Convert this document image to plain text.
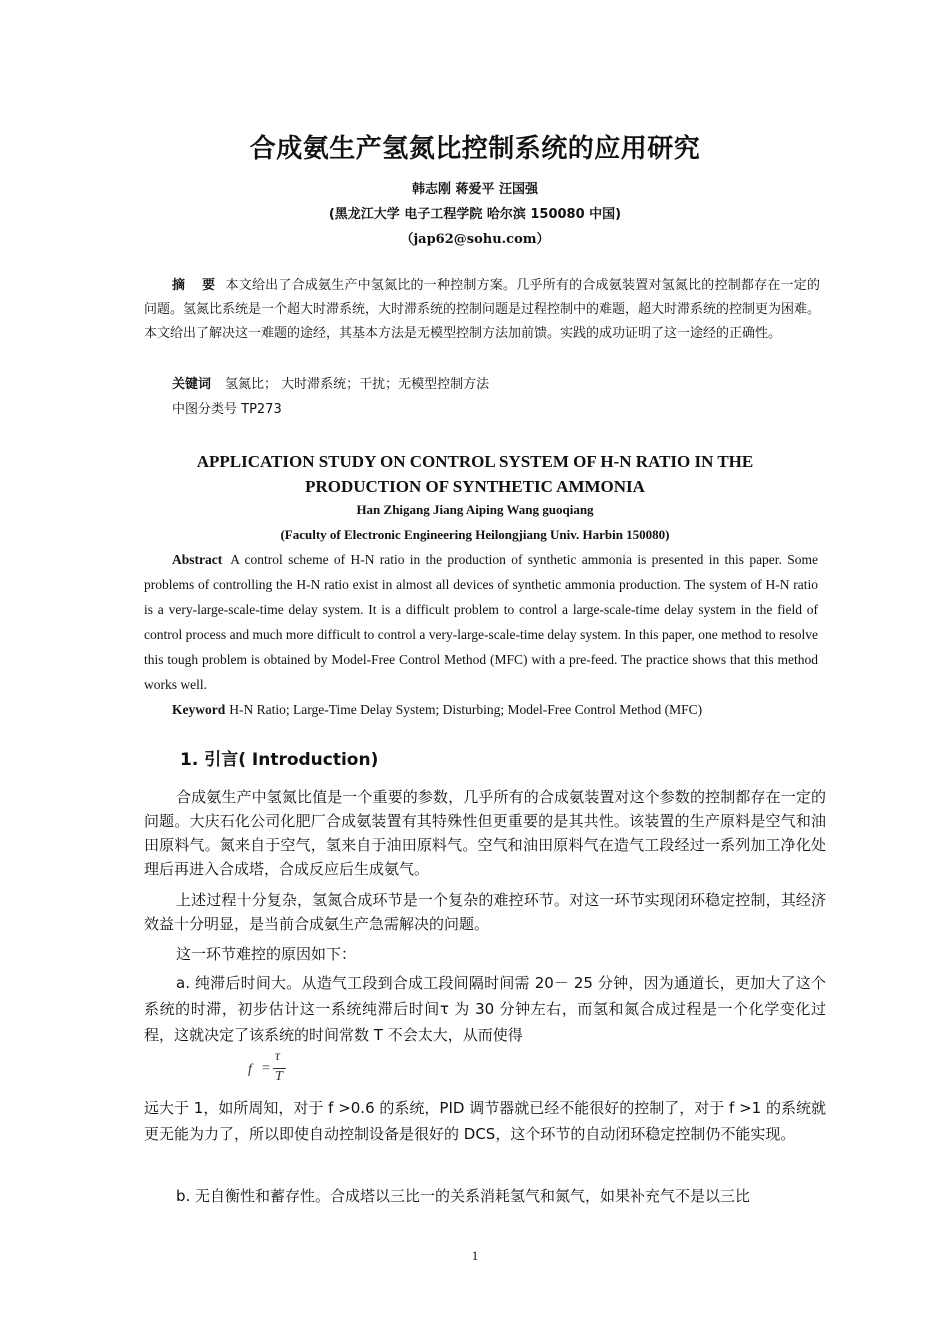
合成氨生产氢氮比控制系统的应用研究
韩志刚 蒋爱平 汪国强
(黑龙江大学 电子工程学院 哈尔滨 150080 中国)
（jap62@sohu.com）
摘 要 本文给出了合成氨生产中氢氮比的一种控制方案。几乎所有的合成氨装置对氢氮比的控制都存在一定的问题。氢氮比系统是一个超大时滞系统，大时滞系统的控制问题是过程控制中的难题，超大时滞系统的控制更为困难。本文给出了解决这一难题的途经，其基本方法是无模型控制方法加前馈。实践的成功证明了这一途经的正确性。
关键词 氢氮比； 大时滞系统；干扰；无模型控制方法
中图分类号 TP273
APPLICATION STUDY ON CONTROL SYSTEM OF H-N RATIO IN THE PRODUCTION OF SYNTHETIC AMMONIA
Han Zhigang Jiang Aiping Wang guoqiang
(Faculty of Electronic Engineering Heilongjiang Univ. Harbin 150080)
Abstract A control scheme of H-N ratio in the production of synthetic ammonia is presented in this paper. Some problems of controlling the H-N ratio exist in almost all devices of synthetic ammonia production. The system of H-N ratio is a very-large-scale-time delay system. It is a difficult problem to control a large-scale-time delay system in the field of control process and much more difficult to control a very-large-scale-time delay system. In this paper, one method to resolve this tough problem is obtained by Model-Free Control Method (MFC) with a pre-feed. The practice shows that this method works well.
Keyword H-N Ratio; Large-Time Delay System; Disturbing; Model-Free Control Method (MFC)
1. 引言( Introduction)

合成氨生产中氢氮比值是一个重要的参数，几乎所有的合成氨装置对这个参数的控制都存在一定的问题。大庆石化公司化肥厂合成氨装置有其特殊性但更重要的是其共性。该装置的生产原料是空气和油田原料气。氮来自于空气，氢来自于油田原料气。空气和油田原料气在造气工段经过一系列加工净化处理后再进入合成塔，合成反应后生成氨气。

上述过程十分复杂，氢氮合成环节是一个复杂的难控环节。对这一环节实现闭环稳定控制，其经济效益十分明显，是当前合成氨生产急需解决的问题。

这一环节难控的原因如下：

a. 纯滞后时间大。从造气工段到合成工段间隔时间需 20－ 25 分钟，因为通道长，更加大了这个系统的时滞，初步估计这一系统纯滞后时间τ 为 30 分钟左右，而氢和氮合成过程是一个化学变化过程，这就决定了该系统的时间常数 T 不会太大，从而使得

f =
τ
T

远大于 1，如所周知，对于 f >0.6 的系统，PID 调节器就已经不能很好的控制了，对于 f >1 的系统就更无能为力了，所以即使自动控制设备是很好的 DCS，这个环节的自动闭环稳定控制仍不能实现。

b. 无自衡性和蓄存性。合成塔以三比一的关系消耗氢气和氮气，如果补充气不是以三比

1
